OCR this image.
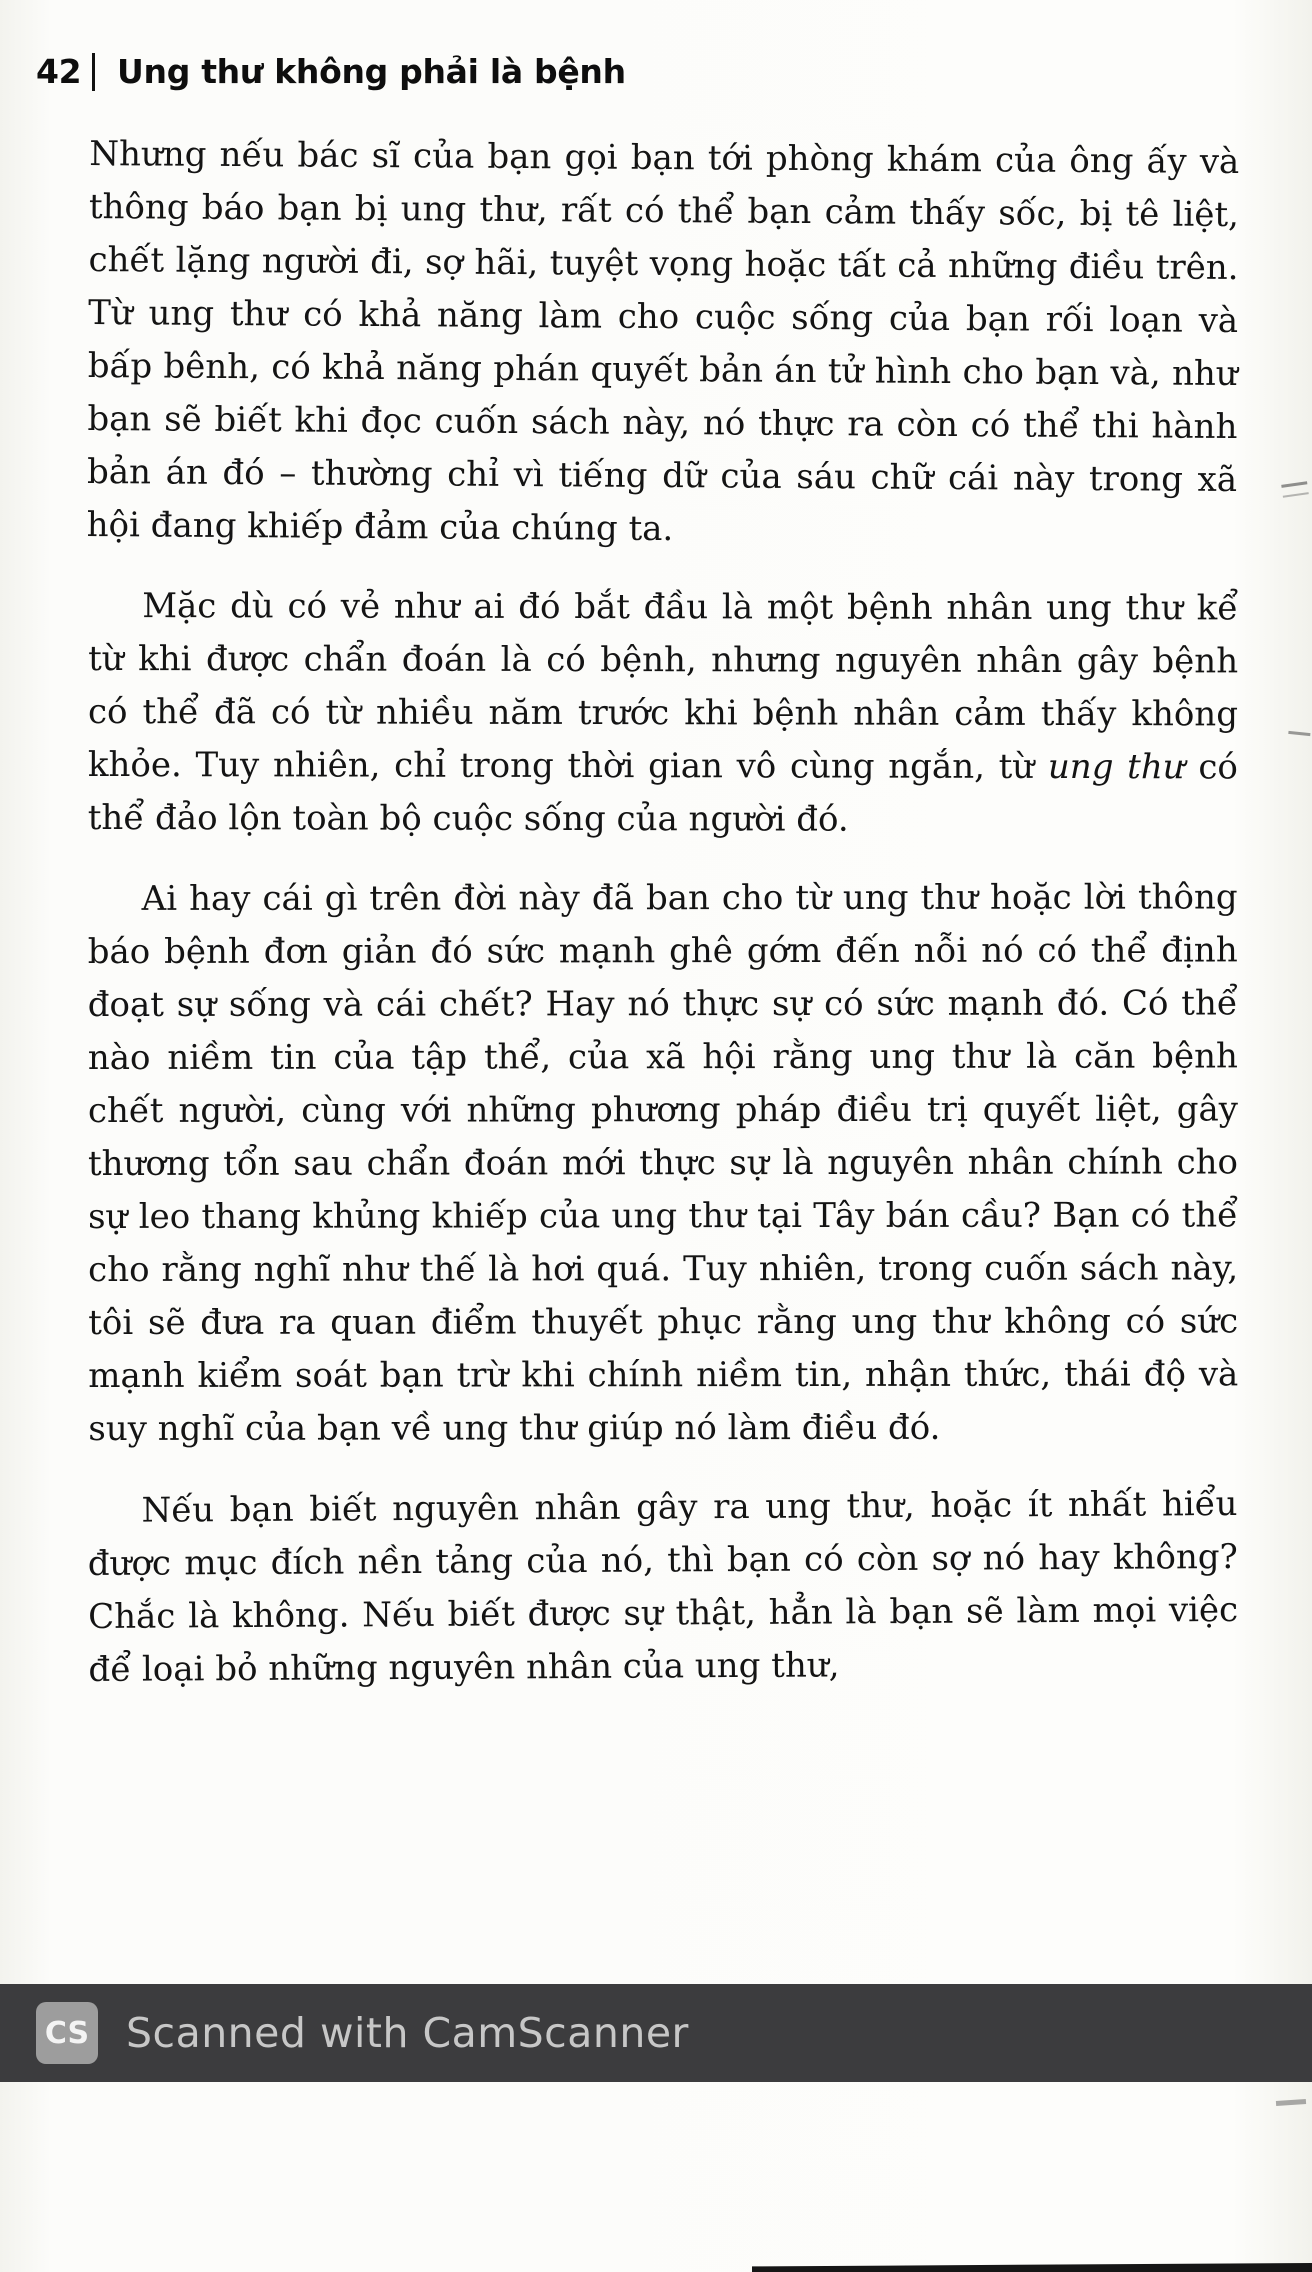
42 Ung thư không phải là bệnh

Nhưng nếu bác sĩ của bạn gọi bạn tới phòng khám của ông ấy và thông báo bạn bị ung thư, rất có thể bạn cảm thấy sốc, bị tê liệt, chết lặng người đi, sợ hãi, tuyệt vọng hoặc tất cả những điều trên. Từ ung thư có khả năng làm cho cuộc sống của bạn rối loạn và bấp bênh, có khả năng phán quyết bản án tử hình cho bạn và, như bạn sẽ biết khi đọc cuốn sách này, nó thực ra còn có thể thi hành bản án đó – thường chỉ vì tiếng dữ của sáu chữ cái này trong xã hội đang khiếp đảm của chúng ta.

Mặc dù có vẻ như ai đó bắt đầu là một bệnh nhân ung thư kể từ khi được chẩn đoán là có bệnh, nhưng nguyên nhân gây bệnh có thể đã có từ nhiều năm trước khi bệnh nhân cảm thấy không khỏe. Tuy nhiên, chỉ trong thời gian vô cùng ngắn, từ ung thư có thể đảo lộn toàn bộ cuộc sống của người đó.

Ai hay cái gì trên đời này đã ban cho từ ung thư hoặc lời thông báo bệnh đơn giản đó sức mạnh ghê gớm đến nỗi nó có thể định đoạt sự sống và cái chết? Hay nó thực sự có sức mạnh đó. Có thể nào niềm tin của tập thể, của xã hội rằng ung thư là căn bệnh chết người, cùng với những phương pháp điều trị quyết liệt, gây thương tổn sau chẩn đoán mới thực sự là nguyên nhân chính cho sự leo thang khủng khiếp của ung thư tại Tây bán cầu? Bạn có thể cho rằng nghĩ như thế là hơi quá. Tuy nhiên, trong cuốn sách này, tôi sẽ đưa ra quan điểm thuyết phục rằng ung thư không có sức mạnh kiểm soát bạn trừ khi chính niềm tin, nhận thức, thái độ và suy nghĩ của bạn về ung thư giúp nó làm điều đó.

Nếu bạn biết nguyên nhân gây ra ung thư, hoặc ít nhất hiểu được mục đích nền tảng của nó, thì bạn có còn sợ nó hay không? Chắc là không. Nếu biết được sự thật, hẳn là bạn sẽ làm mọi việc để loại bỏ những nguyên nhân của ung thư,

CS Scanned with CamScanner
